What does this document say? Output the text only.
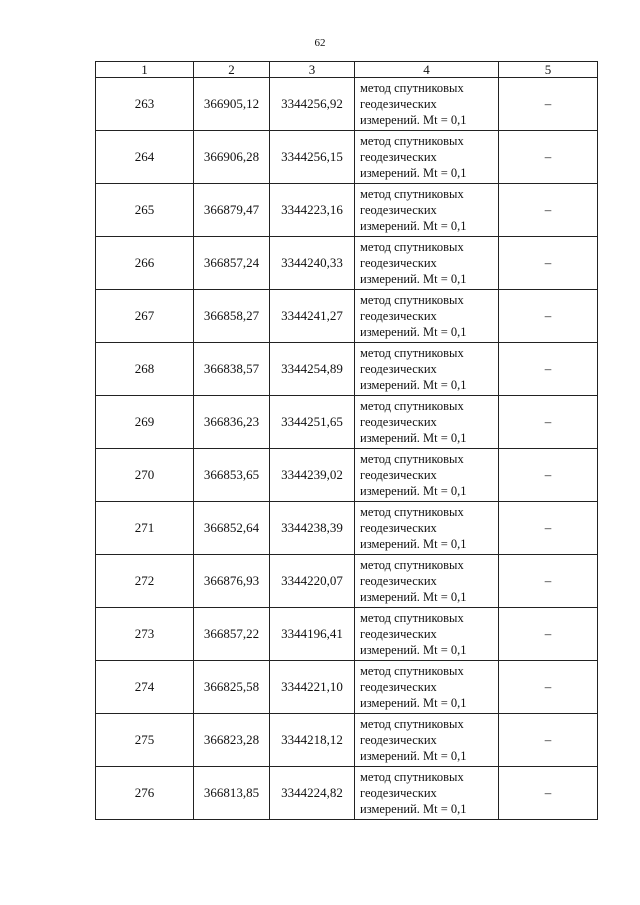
62
1	2	3	4	5
263	366905,12	3344256,92	метод спутниковых
геодезических
измерений. Mt = 0,1	–
264	366906,28	3344256,15	метод спутниковых
геодезических
измерений. Mt = 0,1	–
265	366879,47	3344223,16	метод спутниковых
геодезических
измерений. Mt = 0,1	–
266	366857,24	3344240,33	метод спутниковых
геодезических
измерений. Mt = 0,1	–
267	366858,27	3344241,27	метод спутниковых
геодезических
измерений. Mt = 0,1	–
268	366838,57	3344254,89	метод спутниковых
геодезических
измерений. Mt = 0,1	–
269	366836,23	3344251,65	метод спутниковых
геодезических
измерений. Mt = 0,1	–
270	366853,65	3344239,02	метод спутниковых
геодезических
измерений. Mt = 0,1	–
271	366852,64	3344238,39	метод спутниковых
геодезических
измерений. Mt = 0,1	–
272	366876,93	3344220,07	метод спутниковых
геодезических
измерений. Mt = 0,1	–
273	366857,22	3344196,41	метод спутниковых
геодезических
измерений. Mt = 0,1	–
274	366825,58	3344221,10	метод спутниковых
геодезических
измерений. Mt = 0,1	–
275	366823,28	3344218,12	метод спутниковых
геодезических
измерений. Mt = 0,1	–
276	366813,85	3344224,82	метод спутниковых
геодезических
измерений. Mt = 0,1	–
